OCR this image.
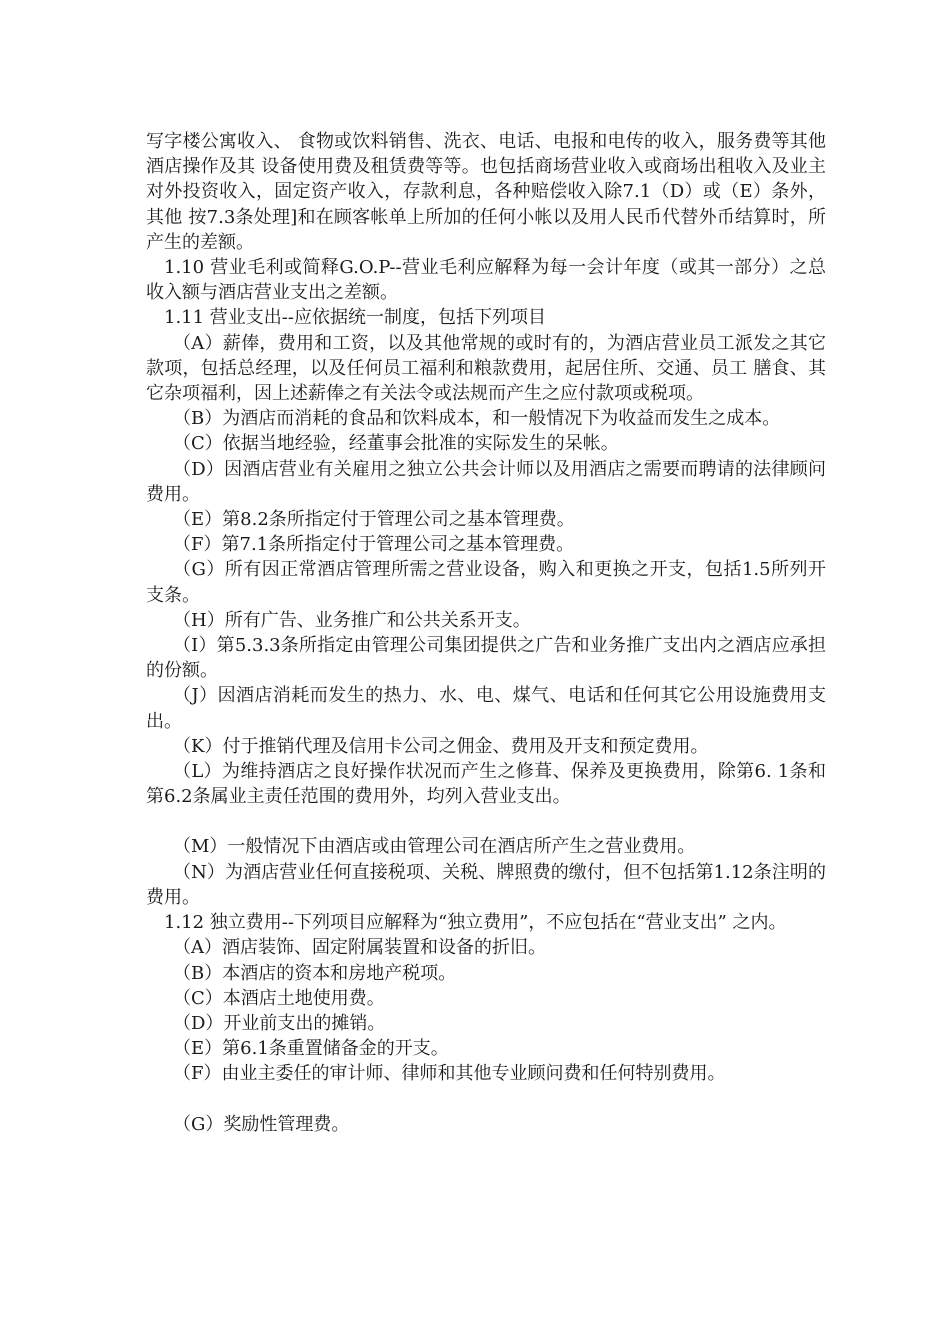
写字楼公寓收入、 食物或饮料销售、洗衣、电话、电报和电传的收入，服务费等其他酒店操作及其 设备使用费及租赁费等等。也包括商场营业收入或商场出租收入及业主对外投资收入，固定资产收入，存款利息，各种赔偿收入除7.1（D）或（E）条外，其他 按7.3条处理]和在顾客帐单上所加的任何小帐以及用人民币代替外币结算时，所 产生的差额。

1.10 营业毛利或简释G.O.P--营业毛利应解释为每一会计年度（或其一部分）之总收入额与酒店营业支出之差额。

1.11 营业支出--应依据统一制度，包括下列项目

（A）薪俸，费用和工资，以及其他常规的或时有的，为酒店营业员工派发之其它款项，包括总经理，以及任何员工福利和粮款费用，起居住所、交通、员工 膳食、其它杂项福利，因上述薪俸之有关法令或法规而产生之应付款项或税项。

（B）为酒店而消耗的食品和饮料成本，和一般情况下为收益而发生之成本。

（C）依据当地经验，经董事会批准的实际发生的呆帐。

（D）因酒店营业有关雇用之独立公共会计师以及用酒店之需要而聘请的法律顾问费用。

（E）第8.2条所指定付于管理公司之基本管理费。

（F）第7.1条所指定付于管理公司之基本管理费。

（G）所有因正常酒店管理所需之营业设备，购入和更换之开支，包括1.5所列开支条。

（H）所有广告、业务推广和公共关系开支。

（I）第5.3.3条所指定由管理公司集团提供之广告和业务推广支出内之酒店应承担的份额。

（J）因酒店消耗而发生的热力、水、电、煤气、电话和任何其它公用设施费用支出。

（K）付于推销代理及信用卡公司之佣金、费用及开支和预定费用。

（L）为维持酒店之良好操作状况而产生之修葺、保养及更换费用，除第6. 1条和第6.2条属业主责任范围的费用外，均列入营业支出。

（M）一般情况下由酒店或由管理公司在酒店所产生之营业费用。

（N）为酒店营业任何直接税项、关税、牌照费的缴付，但不包括第1.12条注明的费用。

1.12 独立费用--下列项目应解释为“独立费用”，不应包括在“营业支出” 之内。

（A）酒店装饰、固定附属装置和设备的折旧。

（B）本酒店的资本和房地产税项。

（C）本酒店土地使用费。

（D）开业前支出的摊销。

（E）第6.1条重置储备金的开支。

（F）由业主委任的审计师、律师和其他专业顾问费和任何特别费用。

（G）奖励性管理费。
